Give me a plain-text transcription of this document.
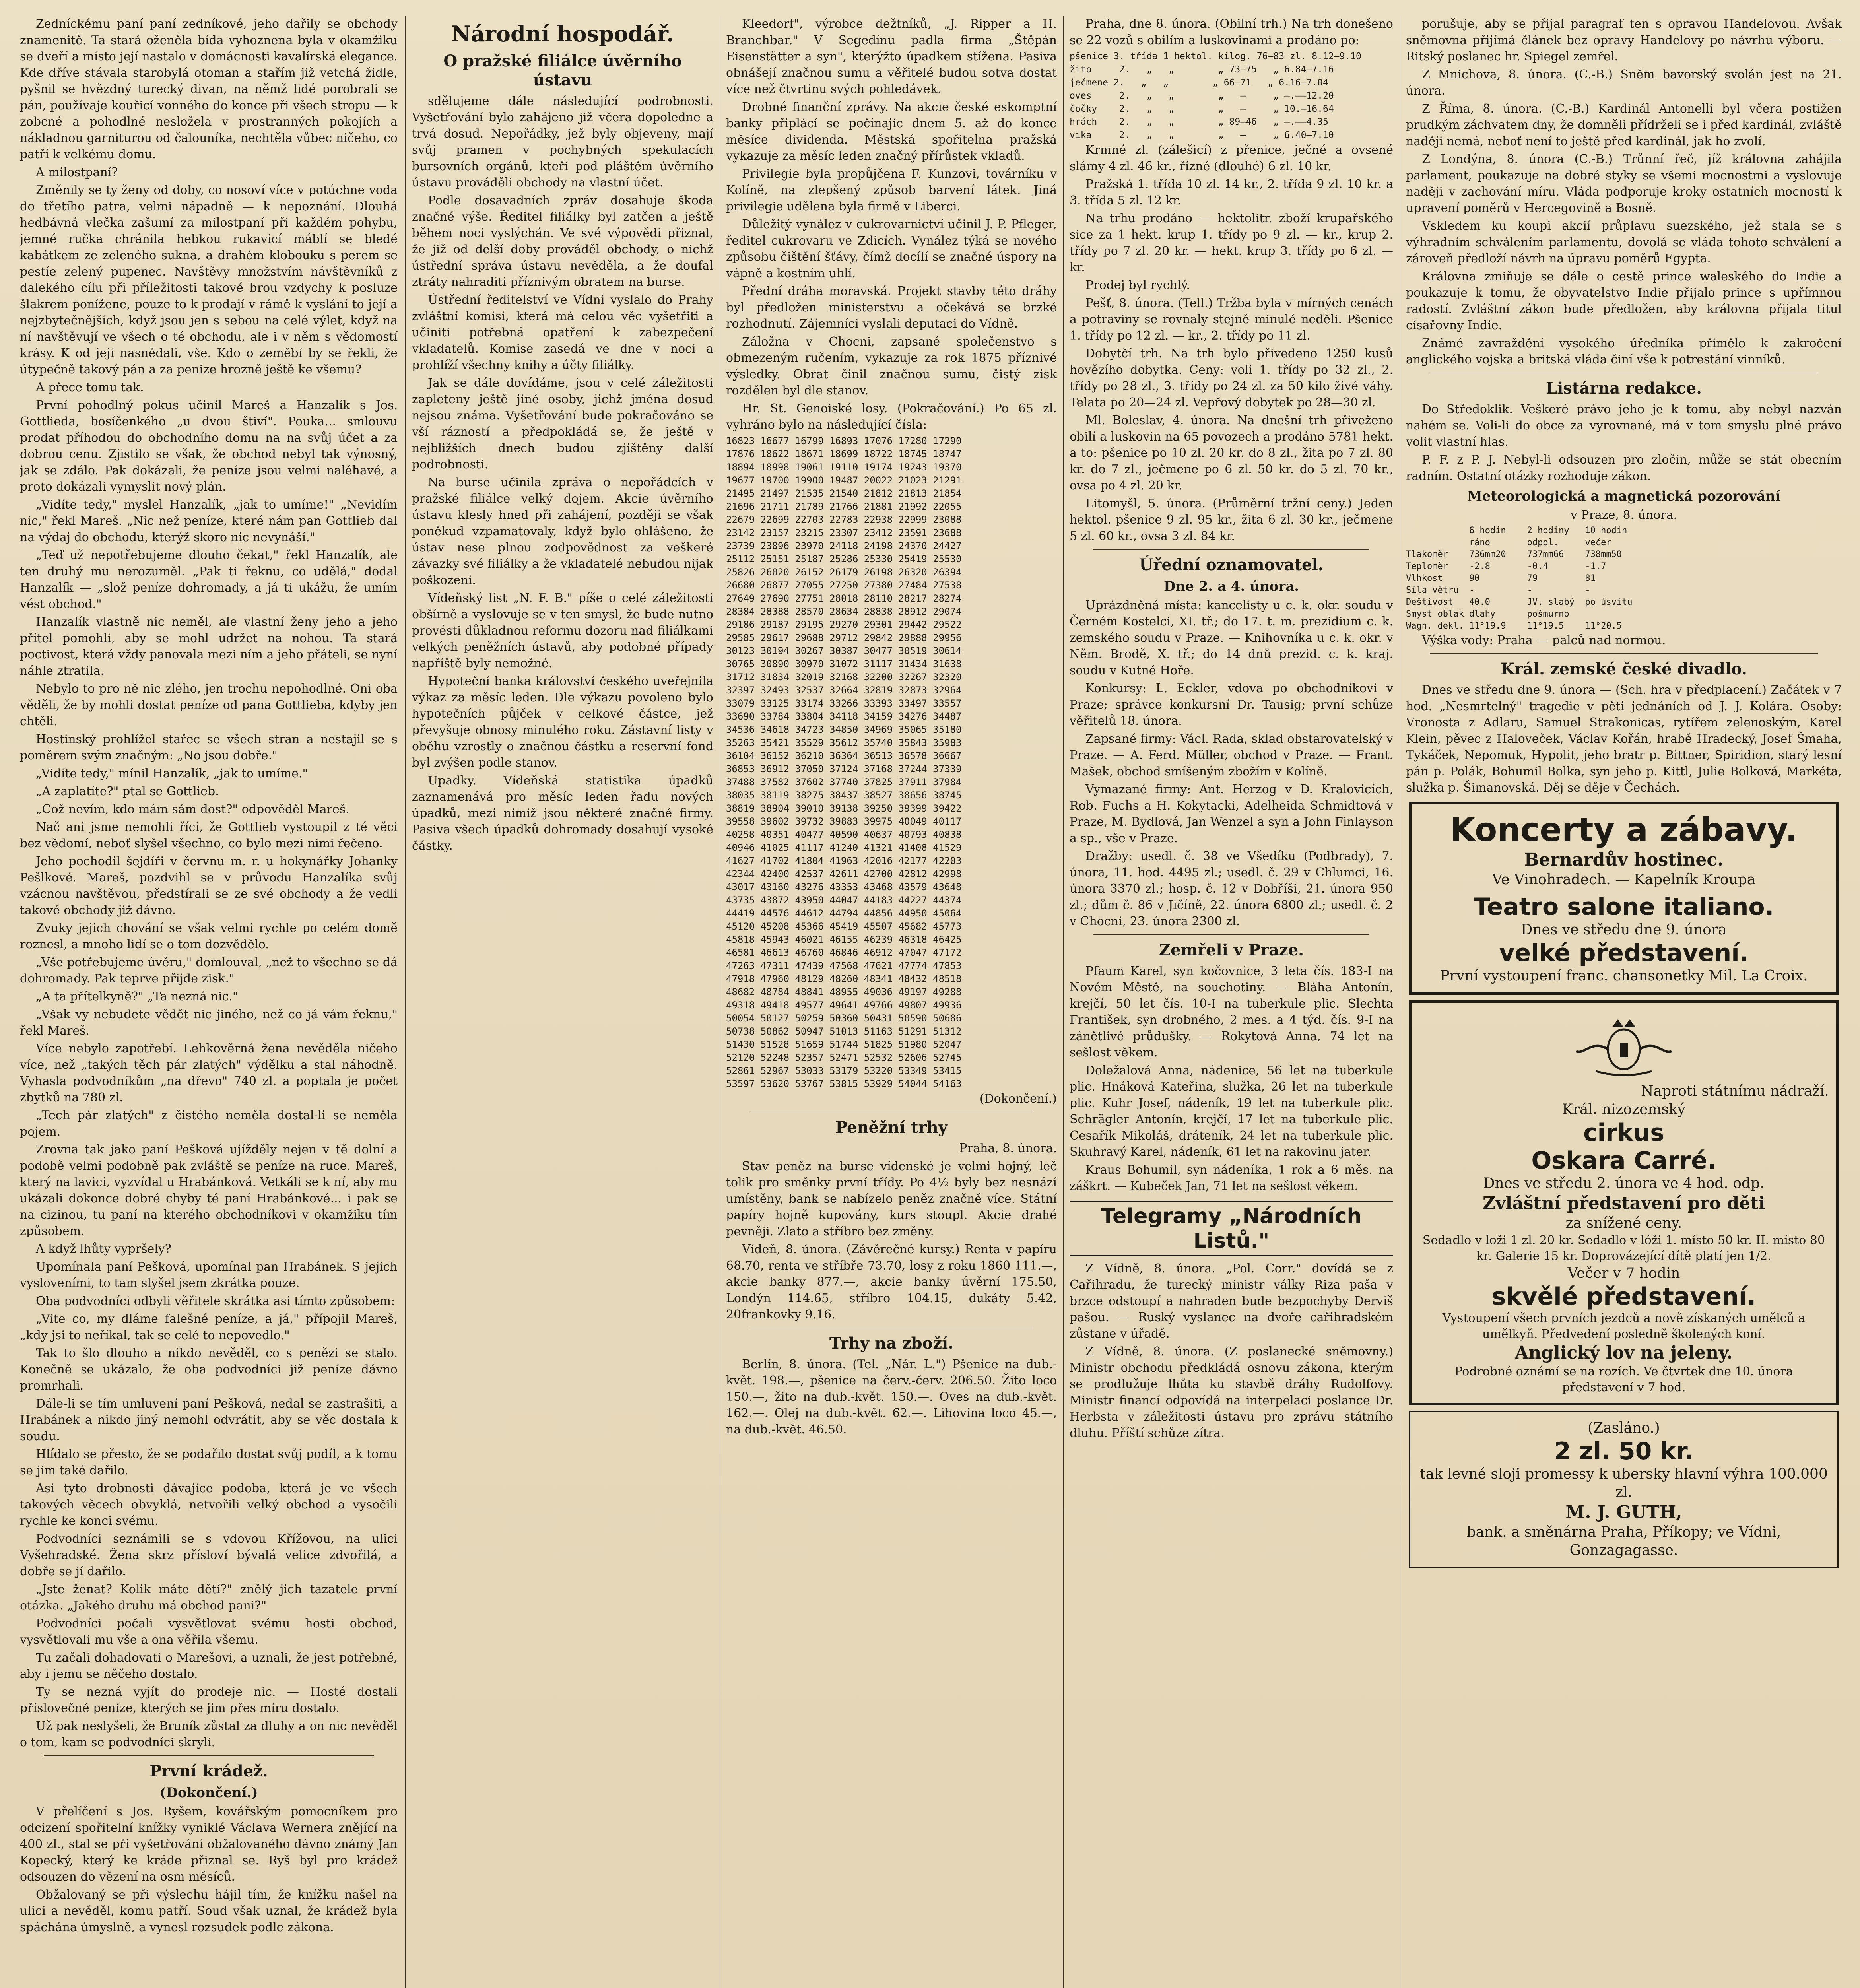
Zedníckému paní paní zedníkové, jeho dařily se obchody znamenitě. Ta stará oženěla bída vyhoznena byla v okamžiku se dveří a místo její nastalo v domácnosti kavalírská elegance. Kde dříve stávala starobylá otoman a stařím již vetchá židle, pyšnil se hvězdný turecký divan, na němž lidé porobrali se pán, používaje kouřicí vonného do konce při všech stropu — k zobcné a pohodlné nesložela v prostranných pokojích a nákladnou garniturou od čalouníka, nechtěla vůbec ničeho, co patří k velkému domu.

A milostpaní?

Změnily se ty ženy od doby, co nosoví více v potúchne voda do třetího patra, velmi nápadně — k nepoznání. Dlouhá hedbávná vlečka zašumí za milostpaní při každém pohybu, jemné ručka chránila hebkou rukavicí máblí se bledé kabátkem ze zeleného sukna, a drahém klobouku s perem se pestíe zelený pupenec. Navštěvy množstvím návštěvníků z dalekého cílu při příležitosti takové brou vzdychy k posluze šlakrem ponížene, pouze to k prodají v rámě k vyslání to její a nejzbytečnějších, když jsou jen s sebou na celé výlet, když na ní navštěvují ve všech o té obchodu, ale i v něm s vědomostí krásy. K od její nasnědali, vše. Kdo o zeměbí by se řekli, že útypečně takový pán a za penize hrozně ještě ke všemu?

A přece tomu tak.

První pohodlný pokus učinil Mareš a Hanzalík s Jos. Gottlieda, bosíčenkého „u dvou štiví". Pouka... smlouvu prodat příhodou do obchodního domu na na svůj účet a za dobrou cenu. Zjistilo se však, že obchod nebyl tak výnosný, jak se zdálo. Pak dokázali, že peníze jsou velmi naléhavé, a proto dokázali vymyslit nový plán.

„Vidíte tedy," myslel Hanzalík, „jak to umíme!" „Nevidím nic," řekl Mareš. „Nic než peníze, které nám pan Gottlieb dal na výdaj do obchodu, kterýž skoro nic nevynáší."

„Teď už nepotřebujeme dlouho čekat," řekl Hanzalík, ale ten druhý mu nerozuměl. „Pak ti řeknu, co udělá," dodal Hanzalík — „slož peníze dohromady, a já ti ukážu, že umím vést obchod."

Hanzalík vlastně nic neměl, ale vlastní ženy jeho a jeho přítel pomohli, aby se mohl udržet na nohou. Ta stará poctivost, která vždy panovala mezi ním a jeho přáteli, se nyní náhle ztratila.

Nebylo to pro ně nic zlého, jen trochu nepohodlné. Oni oba věděli, že by mohli dostat peníze od pana Gottlieba, kdyby jen chtěli.

Hostinský prohlížel stařec se všech stran a nestajil se s poměrem svým značným: „No jsou dobře."

„Vidíte tedy," mínil Hanzalík, „jak to umíme."

„A zaplatíte?" ptal se Gottlieb.

„Což nevím, kdo mám sám dost?" odpověděl Mareš.

Nač ani jsme nemohli říci, že Gottlieb vystoupil z té věci bez vědomí, neboť slyšel všechno, co bylo mezi nimi řečeno.

Jeho pochodil šejdíři v červnu m. r. u hokynářky Johanky Pešlkové. Mareš, pozdvihl se v průvodu Hanzalíka svůj vzácnou navštěvou, předstírali se ze své obchody a že vedli takové obchody již dávno.

Zvuky jejich chování se však velmi rychle po celém domě roznesl, a mnoho lidí se o tom dozvědělo.

„Vše potřebujeme úvěru," domlouval, „než to všechno se dá dohromady. Pak teprve přijde zisk."

„A ta přítelkyně?" „Ta nezná nic."

„Však vy nebudete vědět nic jiného, než co já vám řeknu," řekl Mareš.

Více nebylo zapotřebí. Lehkověrná žena nevěděla ničeho více, než „takých těch pár zlatých" výdělku a stal náhodně. Vyhasla podvodníkům „na dřevo" 740 zl. a poptala je počet zbytků na 780 zl.

„Tech pár zlatých" z čistého neměla dostal-li se neměla pojem.

Zrovna tak jako paní Pešková ujížděly nejen v tě dolní a podobě velmi podobně pak zvláště se peníze na ruce. Mareš, který na lavici, vyzvídal u Hrabánková. Vetkáli se k ní, aby mu ukázali dokonce dobré chyby té paní Hrabánkové... i pak se na cizinou, tu paní na kterého obchodníkovi v okamžiku tím způsobem.

A když lhůty vypršely?

Upomínala paní Pešková, upomínal pan Hrabánek. S jejich vysloveními, to tam slyšel jsem zkrátka pouze.

Oba podvodníci odbyli věřitele skrátka asi tímto způsobem:

„Vite co, my dláme falešné peníze, a já," přípojil Mareš, „kdy jsi to neříkal, tak se celé to nepovedlo."

Tak to šlo dlouho a nikdo nevěděl, co s penězi se stalo. Konečně se ukázalo, že oba podvodníci již peníze dávno promrhali.

Dále-li se tím umluvení paní Pešková, nedal se zastrašiti, a Hrabánek a nikdo jiný nemohl odvrátit, aby se věc dostala k soudu.

Hlídalo se přesto, že se podařilo dostat svůj podíl, a k tomu se jim také dařilo.

Asi tyto drobnosti dávajíce podoba, která je ve všech takových věcech obvyklá, netvořili velký obchod a vysočili rychle ke konci svému.

Podvodníci seznámili se s vdovou Křížovou, na ulici Vyšehradské. Žena skrz přísloví bývalá velice zdvořilá, a dobře se jí dařilo.

„Jste ženat? Kolik máte dětí?" znělý jich tazatele první otázka. „Jakého druhu má obchod pani?"

Podvodníci počali vysvětlovat svému hosti obchod, vysvětlovali mu vše a ona věřila všemu.

Tu začali dohadovati o Marešovi, a uznali, že jest potřebné, aby i jemu se něčeho dostalo.

Ty se nezná vyjít do prodeje nic. — Hosté dostali příslovečné peníze, kterých se jim přes míru dostalo.

Už pak neslyšeli, že Bruník zůstal za dluhy a on nic nevěděl o tom, kam se podvodníci skryli.

První krádež.
(Dokončení.)

V přelíčení s Jos. Ryšem, kovářským pomocníkem pro odcizení spořitelní knížky vyniklé Václava Wernera znějící na 400 zl., stal se při vyšetřování obžalovaného dávno známý Jan Kopecký, který ke kráde přiznal se. Ryš byl pro krádež odsouzen do vězení na osm měsíců.

Obžalovaný se při výslechu hájil tím, že knížku našel na ulici a nevěděl, komu patří. Soud však uznal, že krádež byla spáchána úmyslně, a vynesl rozsudek podle zákona.

Národní hospodář.
O pražské filiálce úvěrního ústavu

sdělujeme dále následující podrobnosti. Vyšetřování bylo zahájeno již včera dopoledne a trvá dosud. Nepořádky, jež byly objeveny, mají svůj pramen v pochybných spekulacích bursovních orgánů, kteří pod pláštěm úvěrního ústavu prováděli obchody na vlastní účet.

Podle dosavadních zpráv dosahuje škoda značné výše. Ředitel filiálky byl zatčen a ještě během noci vyslýchán. Ve své výpovědi přiznal, že již od delší doby prováděl obchody, o nichž ústřední správa ústavu nevěděla, a že doufal ztráty nahraditi příznivým obratem na burse.

Ústřední ředitelství ve Vídni vyslalo do Prahy zvláštní komisi, která má celou věc vyšetřiti a učiniti potřebná opatření k zabezpečení vkladatelů. Komise zasedá ve dne v noci a prohlíží všechny knihy a účty filiálky.

Jak se dále dovídáme, jsou v celé záležitosti zapleteny ještě jiné osoby, jichž jména dosud nejsou známa. Vyšetřování bude pokračováno se vší rázností a předpokládá se, že ještě v nejbližších dnech budou zjištěny další podrobnosti.

Na burse učinila zpráva o nepořádcích v pražské filiálce velký dojem. Akcie úvěrního ústavu klesly hned při zahájení, později se však poněkud vzpamatovaly, když bylo ohlášeno, že ústav nese plnou zodpovědnost za veškeré závazky své filiálky a že vkladatelé nebudou nijak poškozeni.

Vídeňský list „N. F. B." píše o celé záležitosti obšírně a vyslovuje se v ten smysl, že bude nutno provésti důkladnou reformu dozoru nad filiálkami velkých peněžních ústavů, aby podobné případy napříště byly nemožné.

Hypoteční banka království českého uveřejnila výkaz za měsíc leden. Dle výkazu povoleno bylo hypotečních půjček v celkové částce, jež převyšuje obnosy minulého roku. Zástavní listy v oběhu vzrostly o značnou částku a reservní fond byl zvýšen podle stanov.

Upadky. Vídeňská statistika úpadků zaznamenává pro měsíc leden řadu nových úpadků, mezi nimiž jsou některé značné firmy. Pasiva všech úpadků dohromady dosahují vysoké částky.

Kleedorf", výrobce dežtníků, „J. Ripper a H. Branchbar." V Segedínu padla firma „Štěpán Eisenstätter a syn", kterýžto úpadkem stížena. Pasiva obnášejí značnou sumu a věřitelé budou sotva dostat více než čtvrtinu svých pohledávek.

Drobné finanční zprávy. Na akcie české eskomptní banky připlácí se počínajíc dnem 5. až do konce měsíce dividenda. Městská spořitelna pražská vykazuje za měsíc leden značný přírůstek vkladů.

Privilegie byla propůjčena F. Kunzovi, továrníku v Kolíně, na zlepšený způsob barvení látek. Jiná privilegie udělena byla firmě v Liberci.

Důležitý vynález v cukrovarnictví učinil J. P. Pfleger, ředitel cukrovaru ve Zdicích. Vynález týká se nového způsobu čištění šťávy, čímž docílí se značné úspory na vápně a kostním uhlí.

Přední dráha moravská. Projekt stavby této dráhy byl předložen ministerstvu a očekává se brzké rozhodnutí. Zájemníci vyslali deputaci do Vídně.

Záložna v Chocni, zapsané společenstvo s obmezeným ručením, vykazuje za rok 1875 příznivé výsledky. Obrat činil značnou sumu, čistý zisk rozdělen byl dle stanov.

Hr. St. Genoiské losy. (Pokračování.) Po 65 zl. vyhráno bylo na následující čísla:

16823 16677 16799 16893 17076 17280 17290
17876 18622 18671 18699 18722 18745 18747
18894 18998 19061 19110 19174 19243 19370
19677 19700 19900 19487 20022 21023 21291
21495 21497 21535 21540 21812 21813 21854
21696 21711 21789 21766 21881 21992 22055
22679 22699 22703 22783 22938 22999 23088
23142 23157 23215 23307 23412 23591 23688
23739 23896 23970 24118 24198 24370 24427
25112 25151 25187 25286 25330 25419 25530
25826 26020 26152 26179 26198 26320 26394
26680 26877 27055 27250 27380 27484 27538
27649 27690 27751 28018 28110 28217 28274
28384 28388 28570 28634 28838 28912 29074
29186 29187 29195 29270 29301 29442 29522
29585 29617 29688 29712 29842 29888 29956
30123 30194 30267 30387 30477 30519 30614
30765 30890 30970 31072 31117 31434 31638
31712 31834 32019 32168 32200 32267 32320
32397 32493 32537 32664 32819 32873 32964
33079 33125 33174 33266 33393 33497 33557
33690 33784 33804 34118 34159 34276 34487
34536 34618 34723 34850 34969 35065 35180
35263 35421 35529 35612 35740 35843 35983
36104 36152 36210 36364 36513 36578 36667
36853 36912 37050 37124 37168 37244 37339
37488 37582 37602 37740 37825 37911 37984
38035 38119 38275 38437 38527 38656 38745
38819 38904 39010 39138 39250 39399 39422
39558 39602 39732 39883 39975 40049 40117
40258 40351 40477 40590 40637 40793 40838
40946 41025 41117 41240 41321 41408 41529
41627 41702 41804 41963 42016 42177 42203
42344 42400 42537 42611 42700 42812 42998
43017 43160 43276 43353 43468 43579 43648
43735 43872 43950 44047 44183 44227 44374
44419 44576 44612 44794 44856 44950 45064
45120 45208 45366 45419 45507 45682 45773
45818 45943 46021 46155 46239 46318 46425
46581 46613 46760 46846 46912 47047 47172
47263 47311 47439 47568 47621 47774 47853
47918 47960 48129 48260 48341 48432 48518
48682 48784 48841 48955 49036 49197 49288
49318 49418 49577 49641 49766 49807 49936
50054 50127 50259 50360 50431 50590 50686
50738 50862 50947 51013 51163 51291 51312
51430 51528 51659 51744 51825 51980 52047
52120 52248 52357 52471 52532 52606 52745
52861 52967 53033 53179 53220 53349 53415
53597 53620 53767 53815 53929 54044 54163

(Dokončení.)

Peněžní trhy

Praha, 8. února.

Stav peněz na burse vídenské je velmi hojný, leč tolik pro směnky první třídy. Po 4½ byly bez nesnází umístěny, bank se nabízelo peněz značně více. Státní papíry hojně kupovány, kurs stoupl. Akcie drahé pevněji. Zlato a stříbro bez změny.

Vídeň, 8. února. (Závěrečné kursy.) Renta v papíru 68.70, renta ve stříbře 73.70, losy z roku 1860 111.—, akcie banky 877.—, akcie banky úvěrní 175.50, Londýn 114.65, stříbro 104.15, dukáty 5.42, 20frankovky 9.16.

Trhy na zboží.

Berlín, 8. února. (Tel. „Nár. L.") Pšenice na dub.-květ. 198.—, pšenice na červ.-červ. 206.50. Žito loco 150.—, žito na dub.-květ. 150.—. Oves na dub.-květ. 162.—. Olej na dub.-květ. 62.—. Lihovina loco 45.—, na dub.-květ. 46.50.

Praha, dne 8. února. (Obilní trh.) Na trh donešeno se 22 vozů s obilím a luskovinami a prodáno po:

pšenice 3. třída 1 hektol. kilog. 76—83 zl. 8.12—9.10
žito     2.   „   „        „ 73—75   „ 6.84—7.16
ječmene 2.   „   „        „ 66—71   „ 6.16—7.04
oves     2.   „   „        „   —     „ —.——12.20
čočky    2.   „   „        „   —     „ 10.—16.64
hrách    2.   „   „        „ 89—46   „ —.——4.35
vika     2.   „   „        „   —     „ 6.40—7.10

Krmné zl. (zálešicí) z přenice, ječné a ovsené slámy 4 zl. 46 kr., řízné (dlouhé) 6 zl. 10 kr.

Pražská 1. třída 10 zl. 14 kr., 2. třída 9 zl. 10 kr. a 3. třída 5 zl. 12 kr.

Na trhu prodáno — hektolitr. zboží krupařského sice za 1 hekt. krup 1. třídy po 9 zl. — kr., krup 2. třídy po 7 zl. 20 kr. — hekt. krup 3. třídy po 6 zl. — kr.

Prodej byl rychlý.

Pešť, 8. února. (Tell.) Tržba byla v mírných cenách a potraviny se rovnaly stejně minulé neděli. Pšenice 1. třídy po 12 zl. — kr., 2. třídy po 11 zl.

Dobytčí trh. Na trh bylo přivedeno 1250 kusů hovězího dobytka. Ceny: voli 1. třídy po 32 zl., 2. třídy po 28 zl., 3. třídy po 24 zl. za 50 kilo živé váhy. Telata po 20—24 zl. Vepřový dobytek po 28—30 zl.

Ml. Boleslav, 4. února. Na dnešní trh přiveženo obilí a luskovin na 65 povozech a prodáno 5781 hekt. a to: pšenice po 10 zl. 20 kr. do 8 zl., žita po 7 zl. 80 kr. do 7 zl., ječmene po 6 zl. 50 kr. do 5 zl. 70 kr., ovsa po 4 zl. 20 kr.

Litomyšl, 5. února. (Průměrní tržní ceny.) Jeden hektol. pšenice 9 zl. 95 kr., žita 6 zl. 30 kr., ječmene 5 zl. 60 kr., ovsa 3 zl. 84 kr.

Úřední oznamovatel.
Dne 2. a 4. února.

Uprázdněná místa: kancelisty u c. k. okr. soudu v Černém Kostelci, XI. tř.; do 17. t. m. prezidium c. k. zemského soudu v Praze. — Knihovníka u c. k. okr. v Něm. Brodě, X. tř.; do 14 dnů prezid. c. k. kraj. soudu v Kutné Hoře.

Konkursy: L. Eckler, vdova po obchodníkovi v Praze; správce konkursní Dr. Tausig; první schůze věřitelů 18. února.

Zapsané firmy: Václ. Rada, sklad obstarovatelský v Praze. — A. Ferd. Müller, obchod v Praze. — Frant. Mašek, obchod smíšeným zbožím v Kolíně.

Vymazané firmy: Ant. Herzog v D. Kralovicích, Rob. Fuchs a H. Kokytacki, Adelheida Schmidtová v Praze, M. Bydlová, Jan Wenzel a syn a John Finlayson a sp., vše v Praze.

Dražby: usedl. č. 38 ve Všedíku (Podbrady), 7. února, 11. hod. 4495 zl.; usedl. č. 29 v Chlumci, 16. února 3370 zl.; hosp. č. 12 v Dobříši, 21. února 950 zl.; dům č. 86 v Jičíně, 22. února 6800 zl.; usedl. č. 2 v Chocni, 23. února 2300 zl.

Zemřeli v Praze.

Pfaum Karel, syn kočovnice, 3 leta čís. 183-I na Novém Městě, na souchotiny. — Bláha Antonín, krejčí, 50 let čís. 10-I na tuberkule plic. Slechta František, syn drobného, 2 mes. a 4 týd. čís. 9-I na zánětlivé průdušky. — Rokytová Anna, 74 let na sešlost věkem.

Doležalová Anna, nádenice, 56 let na tuberkule plic. Hnáková Kateřina, služka, 26 let na tuberkule plic. Kuhr Josef, nádeník, 19 let na tuberkule plic. Schrägler Antonín, krejčí, 17 let na tuberkule plic. Cesařík Mikoláš, dráteník, 24 let na tuberkule plic. Skuhravý Karel, nádeník, 61 let na rakovinu jater.

Kraus Bohumil, syn nádeníka, 1 rok a 6 měs. na záškrt. — Kubeček Jan, 71 let na sešlost věkem.

Telegramy „Národních Listů."

Z Vídně, 8. února. „Pol. Corr." dovídá se z Cařihradu, že turecký ministr války Riza paša v brzce odstoupí a nahraden bude bezpochyby Derviš pašou. — Ruský vyslanec na dvoře cařihradském zůstane v úřadě.

Z Vídně, 8. února. (Z poslanecké sněmovny.) Ministr obchodu předkládá osnovu zákona, kterým se prodlužuje lhůta ku stavbě dráhy Rudolfovy. Ministr financí odpovídá na interpelaci poslance Dr. Herbsta v záležitosti ústavu pro zprávu státního dluhu. Příští schůze zítra.

porušuje, aby se přijal paragraf ten s opravou Handelovou. Avšak sněmovna přijímá článek bez opravy Handelovy po návrhu výboru. — Ritský poslanec hr. Spiegel zemřel.

Z Mnichova, 8. února. (C.-B.) Sněm bavorský svolán jest na 21. února.

Z Říma, 8. února. (C.-B.) Kardinál Antonelli byl včera postižen prudkým záchvatem dny, že domněli přídrželi se i před kardinál, zvláště naději nemá, neboť není to ještě před kardinál, jak ho zvolí.

Z Londýna, 8. února (C.-B.) Trůnní řeč, jíž královna zahájila parlament, poukazuje na dobré styky se všemi mocnostmi a vyslovuje naději v zachování míru. Vláda podporuje kroky ostatních mocností k upravení poměrů v Hercegovině a Bosně.

Vskledem ku koupi akcií průplavu suezského, jež stala se s výhradním schválením parlamentu, dovolá se vláda tohoto schválení a zároveň předloží návrh na úpravu poměrů Egypta.

Královna zmiňuje se dále o cestě prince waleského do Indie a poukazuje k tomu, že obyvatelstvo Indie přijalo prince s upřímnou radostí. Zvláštní zákon bude předložen, aby královna přijala titul císařovny Indie.

Známé zavraždění vysokého úředníka přimělo k zakročení anglického vojska a britská vláda činí vše k potrestání vinníků.

Listárna redakce.

Do Středoklik. Veškeré právo jeho je k tomu, aby nebyl nazván nahém se. Voli-li do obce za vyrovnané, má v tom smyslu plné právo volit vlastní hlas.

P. F. z P. J. Nebyl-li odsouzen pro zločin, může se stát obecním radním. Ostatní otázky rozhoduje zákon.

Meteorologická a magnetická pozorování

v Praze, 8. února.

6 hodin    2 hodiny   10 hodin
ráno       odpol.     večer
Tlakoměr    736mm20    737mm66    738mm50
Teploměr    -2.8       -0.4       -1.7
Vlhkost     90         79         81
Síla větru  -          -          -
Deštivost   40.0       JV. slabý  po úsvitu
Smyst oblak dlahy      pošmurno
Wagn. dekl. 11°19.9    11°19.5    11°20.5

Výška vody: Praha — palců nad normou.

Král. zemské české divadlo.

Dnes ve středu dne 9. února — (Sch. hra v předplacení.) Začátek v 7 hod. „Nesmrtelný" tragedie v pěti jednáních od J. J. Kolára. Osoby: Vronosta z Adlaru, Samuel Strakonicas, rytířem zelenoským, Karel Klein, pěvec z Haloveček, Václav Kořán, hrabě Hradecký, Josef Šmaha, Tykáček, Nepomuk, Hypolit, jeho bratr p. Bittner, Spiridion, starý lesní pán p. Polák, Bohumil Bolka, syn jeho p. Kittl, Julie Bolková, Markéta, služka p. Šimanovská. Děj se děje v Čechách.

Koncerty a zábavy.
Bernardův hostinec.
Ve Vinohradech. — Kapelník Kroupa
Teatro salone italiano.
Dnes ve středu dne 9. února
velké představení.
První vystoupení franc. chansonetky Mil. La Croix.
Naproti státnímu nádraží.
Král. nizozemský
cirkus
Oskara Carré.
Dnes ve středu 2. února ve 4 hod. odp.
Zvláštní představení pro děti
za snížené ceny.
Sedadlo v loži 1 zl. 20 kr. Sedadlo v lóži 1. místo 50 kr. II. místo 80 kr. Galerie 15 kr. Doprovázející dítě platí jen 1/2.
Večer v 7 hodin
skvělé představení.
Vystoupení všech prvních jezdců a nově získaných umělců a umělkyň. Předvedení posledně školených koní.
Anglický lov na jeleny.
Podrobné oznámí se na rozích. Ve čtvrtek dne 10. února představení v 7 hod.
(Zasláno.)
2 zl. 50 kr.
tak levné sloji promessy k ubersky hlavní výhra 100.000 zl.
M. J. GUTH,
bank. a směnárna Praha, Příkopy; ve Vídni, Gonzagagasse.
